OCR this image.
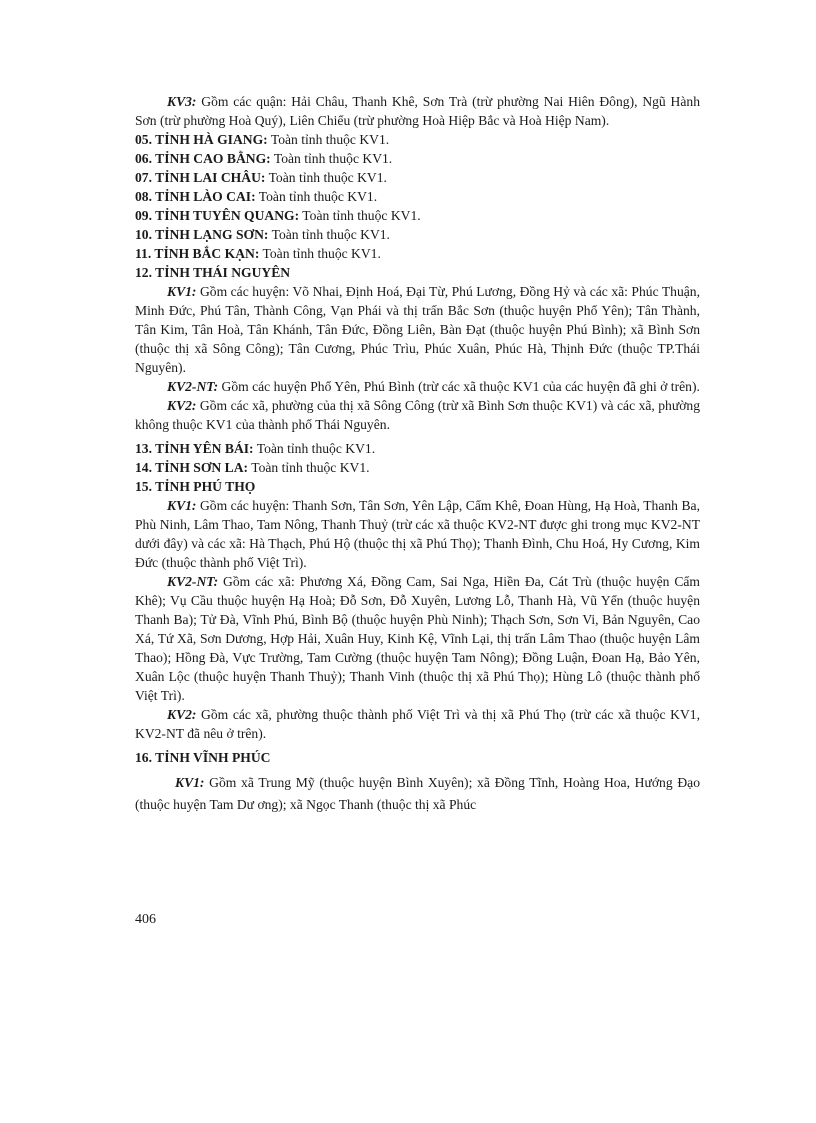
KV3: Gồm các quận: Hải Châu, Thanh Khê, Sơn Trà (trừ phường Nai Hiên Đông), Ngũ Hành Sơn (trừ phường Hoà Quý), Liên Chiểu (trừ phường Hoà Hiệp Bắc và Hoà Hiệp Nam).

05. TỈNH HÀ GIANG: Toàn tỉnh thuộc KV1.

06. TỈNH CAO BẰNG: Toàn tỉnh thuộc KV1.

07. TỈNH LAI CHÂU: Toàn tỉnh thuộc KV1.

08. TỈNH LÀO CAI: Toàn tỉnh thuộc KV1.

09. TỈNH TUYÊN QUANG: Toàn tỉnh thuộc KV1.

10. TỈNH LẠNG SƠN: Toàn tỉnh thuộc KV1.

11. TỈNH BẮC KẠN: Toàn tỉnh thuộc KV1.

12. TỈNH THÁI NGUYÊN

KV1: Gồm các huyện: Võ Nhai, Định Hoá, Đại Từ, Phú Lương, Đồng Hỷ và các xã: Phúc Thuận, Minh Đức, Phú Tân, Thành Công, Vạn Phái và thị trấn Bắc Sơn (thuộc huyện Phổ Yên); Tân Thành, Tân Kim, Tân Hoà, Tân Khánh, Tân Đức, Đồng Liên, Bàn Đạt (thuộc huyện Phú Bình); xã Bình Sơn (thuộc thị xã Sông Công); Tân Cương, Phúc Trìu, Phúc Xuân, Phúc Hà, Thịnh Đức (thuộc TP.Thái Nguyên).

KV2-NT: Gồm các huyện Phổ Yên, Phú Bình (trừ các xã thuộc KV1 của các huyện đã ghi ở trên).

KV2: Gồm các xã, phường của thị xã Sông Công (trừ xã Bình Sơn thuộc KV1) và các xã, phường không thuộc KV1 của thành phố Thái Nguyên.

13. TỈNH YÊN BÁI: Toàn tỉnh thuộc KV1.

14. TỈNH SƠN LA: Toàn tỉnh thuộc KV1.

15. TỈNH PHÚ THỌ

KV1: Gồm các huyện: Thanh Sơn, Tân Sơn, Yên Lập, Cẩm Khê, Đoan Hùng, Hạ Hoà, Thanh Ba, Phù Ninh, Lâm Thao, Tam Nông, Thanh Thuỷ (trừ các xã thuộc KV2-NT được ghi trong mục KV2-NT dưới đây) và các xã: Hà Thạch, Phú Hộ (thuộc thị xã Phú Thọ); Thanh Đình, Chu Hoá, Hy Cương, Kim Đức (thuộc thành phố Việt Trì).

KV2-NT: Gồm các xã: Phương Xá, Đồng Cam, Sai Nga, Hiền Đa, Cát Trù (thuộc huyện Cẩm Khê); Vụ Cầu thuộc huyện Hạ Hoà; Đỗ Sơn, Đỗ Xuyên, Lương Lỗ, Thanh Hà, Vũ Yển (thuộc huyện Thanh Ba); Tử Đà, Vĩnh Phú, Bình Bộ (thuộc huyện Phù Ninh); Thạch Sơn, Sơn Vi, Bản Nguyên, Cao Xá, Tứ Xã, Sơn Dương, Hợp Hải, Xuân Huy, Kinh Kệ, Vĩnh Lại, thị trấn Lâm Thao (thuộc huyện Lâm Thao); Hồng Đà, Vực Trường, Tam Cường (thuộc huyện Tam Nông); Đồng Luận, Đoan Hạ, Bảo Yên, Xuân Lộc (thuộc huyện Thanh Thuỷ); Thanh Vinh (thuộc thị xã Phú Thọ); Hùng Lô (thuộc thành phố Việt Trì).

KV2: Gồm các xã, phường thuộc thành phố Việt Trì và thị xã Phú Thọ (trừ các xã thuộc KV1, KV2-NT đã nêu ở trên).

16. TỈNH VĨNH PHÚC

KV1: Gồm xã Trung Mỹ (thuộc huyện Bình Xuyên); xã Đồng Tĩnh, Hoàng Hoa, Hướng Đạo (thuộc huyện Tam Dư ơng); xã Ngọc Thanh (thuộc thị xã Phúc

406
